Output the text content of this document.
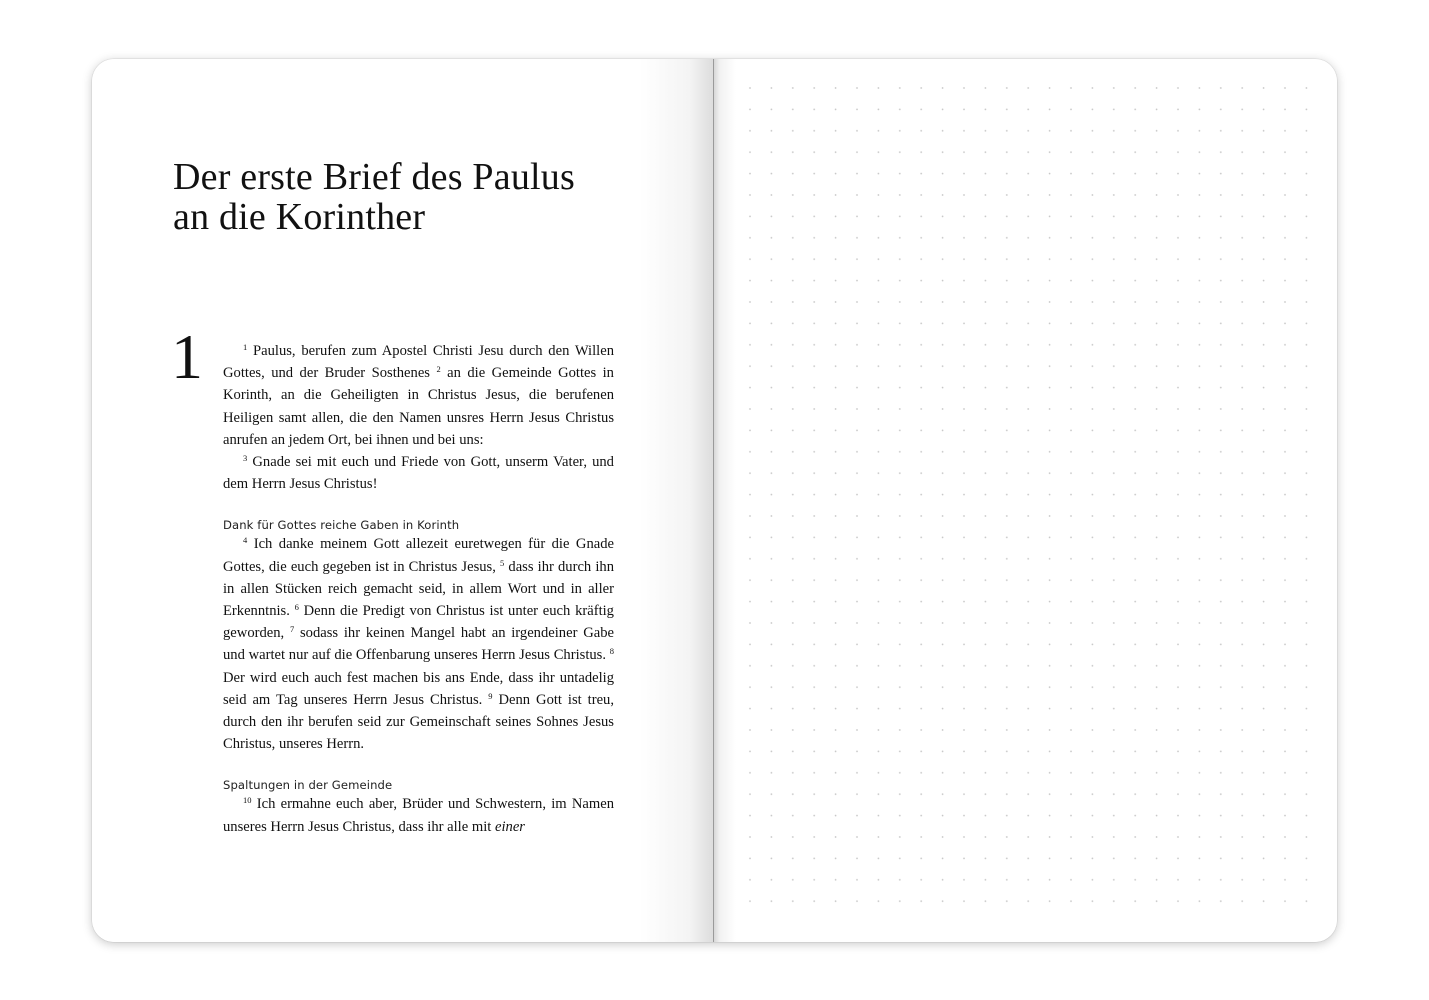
Der erste Brief des Paulus
an die Korinther
1	$^1$ Paulus, berufen zum Apostel Christi Jesu durch den Willen Gottes, und der Bruder Sosthenes $^2$ an die Gemeinde Gottes in Korinth, an die Geheiligten in Christus Jesus, die berufenen Heiligen samt allen, die den Namen unsres Herrn Jesus Christus anrufen an jedem Ort, bei ihnen und bei uns:

$^3$ Gnade sei mit euch und Friede von Gott, unserm Vater, und dem Herrn Jesus Christus!

Dank für Gottes reiche Gaben in Korinth

$^4$ Ich danke meinem Gott allezeit euretwegen für die Gnade Gottes, die euch gegeben ist in Christus Jesus, $^5$ dass ihr durch ihn in allen Stücken reich gemacht seid, in allem Wort und in aller Erkenntnis. $^6$ Denn die Predigt von Christus ist unter euch kräftig geworden, $^7$ sodass ihr keinen Mangel habt an irgendeiner Gabe und wartet nur auf die Offenbarung unseres Herrn Jesus Christus. $^8$ Der wird euch auch fest machen bis ans Ende, dass ihr untadelig seid am Tag unseres Herrn Jesus Christus. $^9$ Denn Gott ist treu, durch den ihr berufen seid zur Gemeinschaft seines Sohnes Jesus Christus, unseres Herrn.

Spaltungen in der Gemeinde

$^{10}$ Ich ermahne euch aber, Brüder und Schwestern, im Namen unseres Herrn Jesus Christus, dass ihr alle mit einer
